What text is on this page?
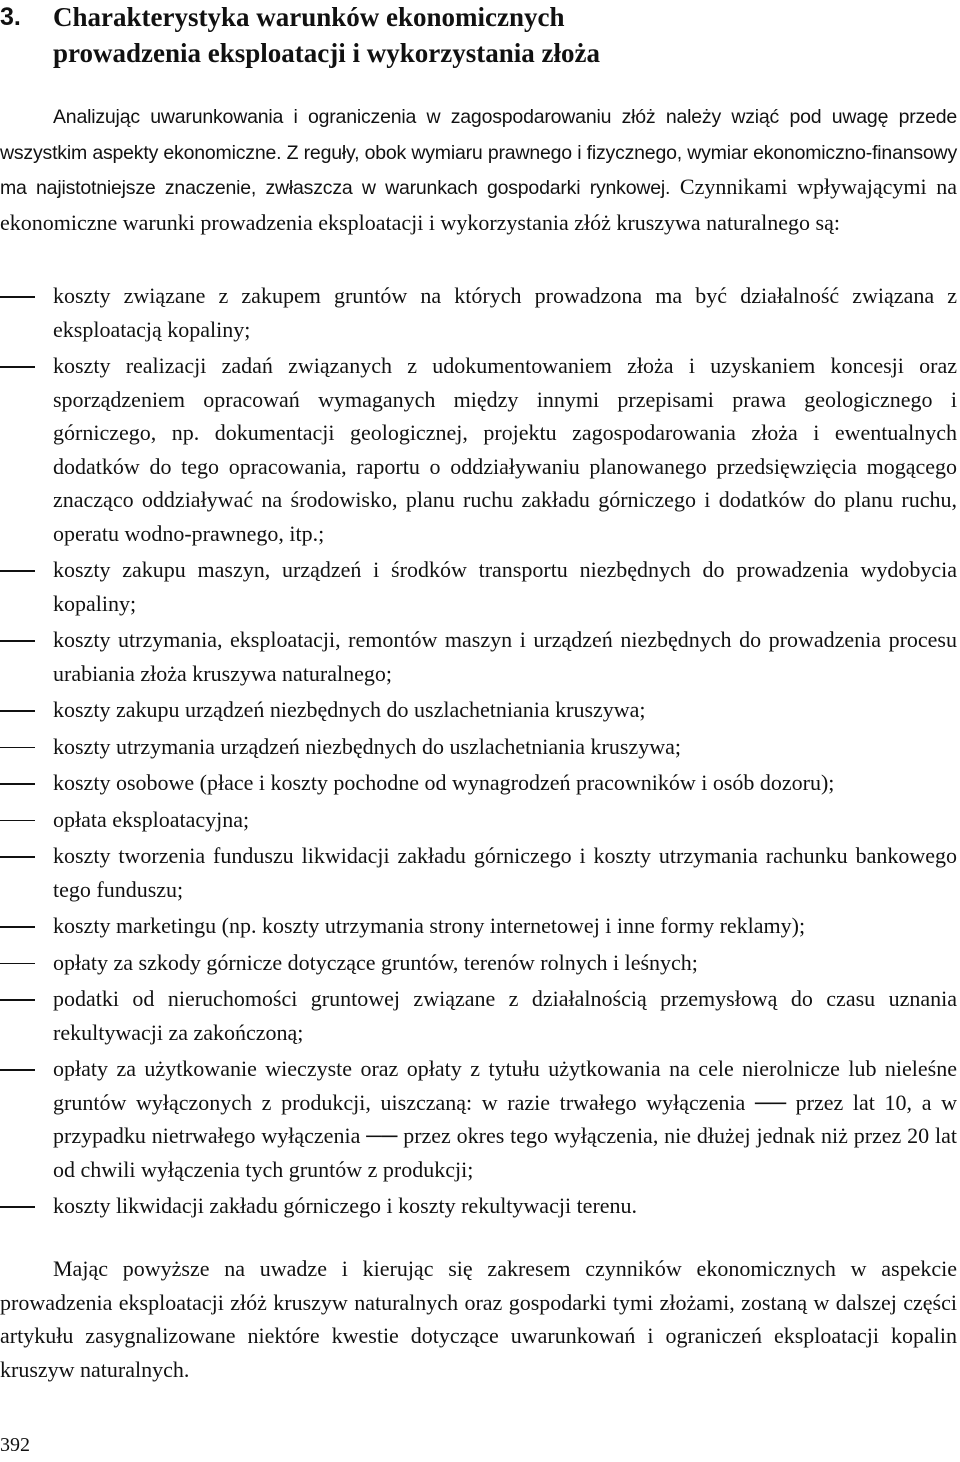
3. Charakterystyka warunków ekonomicznych
prowadzenia eksploatacji i wykorzystania złoża

Analizując uwarunkowania i ograniczenia w zagospodarowaniu złóż należy wziąć pod uwagę przede wszystkim aspekty ekonomiczne. Z reguły, obok wymiaru prawnego i fizycznego, wymiar ekonomiczno-finansowy ma najistotniejsze znaczenie, zwłaszcza w warunkach gospodarki rynkowej. Czynnikami wpływającymi na ekonomiczne warunki prowadzenia eksploatacji i wykorzystania złóż kruszywa naturalnego są:

koszty związane z zakupem gruntów na których prowadzona ma być działalność związana z eksploatacją kopaliny;
koszty realizacji zadań związanych z udokumentowaniem złoża i uzyskaniem koncesji oraz sporządzeniem opracowań wymaganych między innymi przepisami prawa geologicznego i górniczego, np. dokumentacji geologicznej, projektu zagospodarowania złoża i ewentualnych dodatków do tego opracowania, raportu o oddziaływaniu planowanego przedsięwzięcia mogącego znacząco oddziaływać na środowisko, planu ruchu zakładu górniczego i dodatków do planu ruchu, operatu wodno-prawnego, itp.;
koszty zakupu maszyn, urządzeń i środków transportu niezbędnych do prowadzenia wydobycia kopaliny;
koszty utrzymania, eksploatacji, remontów maszyn i urządzeń niezbędnych do prowadzenia procesu urabiania złoża kruszywa naturalnego;
koszty zakupu urządzeń niezbędnych do uszlachetniania kruszywa;
koszty utrzymania urządzeń niezbędnych do uszlachetniania kruszywa;
koszty osobowe (płace i koszty pochodne od wynagrodzeń pracowników i osób dozoru);
opłata eksploatacyjna;
koszty tworzenia funduszu likwidacji zakładu górniczego i koszty utrzymania rachunku bankowego tego funduszu;
koszty marketingu (np. koszty utrzymania strony internetowej i inne formy reklamy);
opłaty za szkody górnicze dotyczące gruntów, terenów rolnych i leśnych;
podatki od nieruchomości gruntowej związane z działalnością przemysłową do czasu uznania rekultywacji za zakończoną;
opłaty za użytkowanie wieczyste oraz opłaty z tytułu użytkowania na cele nierolnicze lub nieleśne gruntów wyłączonych z produkcji, uiszczaną: w razie trwałego wyłączenia ── przez lat 10, a w przypadku nietrwałego wyłączenia ── przez okres tego wyłączenia, nie dłużej jednak niż przez 20 lat od chwili wyłączenia tych gruntów z produkcji;
koszty likwidacji zakładu górniczego i koszty rekultywacji terenu.

Mając powyższe na uwadze i kierując się zakresem czynników ekonomicznych w aspekcie prowadzenia eksploatacji złóż kruszyw naturalnych oraz gospodarki tymi złożami, zostaną w dalszej części artykułu zasygnalizowane niektóre kwestie dotyczące uwarunkowań i ograniczeń eksploatacji kopalin kruszyw naturalnych.

392
